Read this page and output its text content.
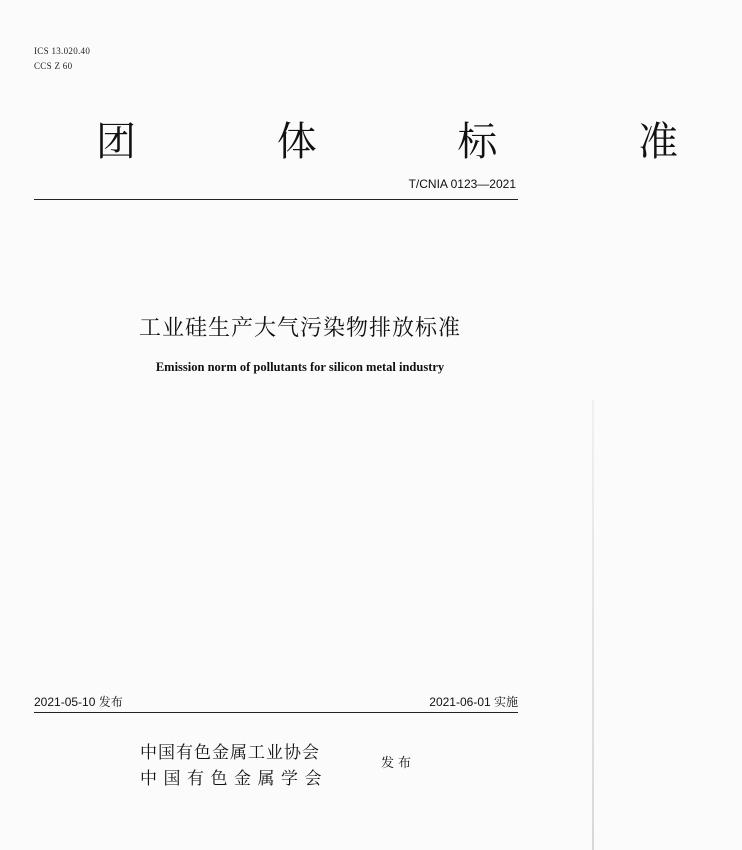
ICS 13.020.40
CCS Z 60
团 体 标 准
T/CNIA 0123—2021
工业硅生产大气污染物排放标准
Emission norm of pollutants for silicon metal industry
2021-05-10 发布	2021-06-01 实施
中国有色金属工业协会
中国有色金属学会
发布
